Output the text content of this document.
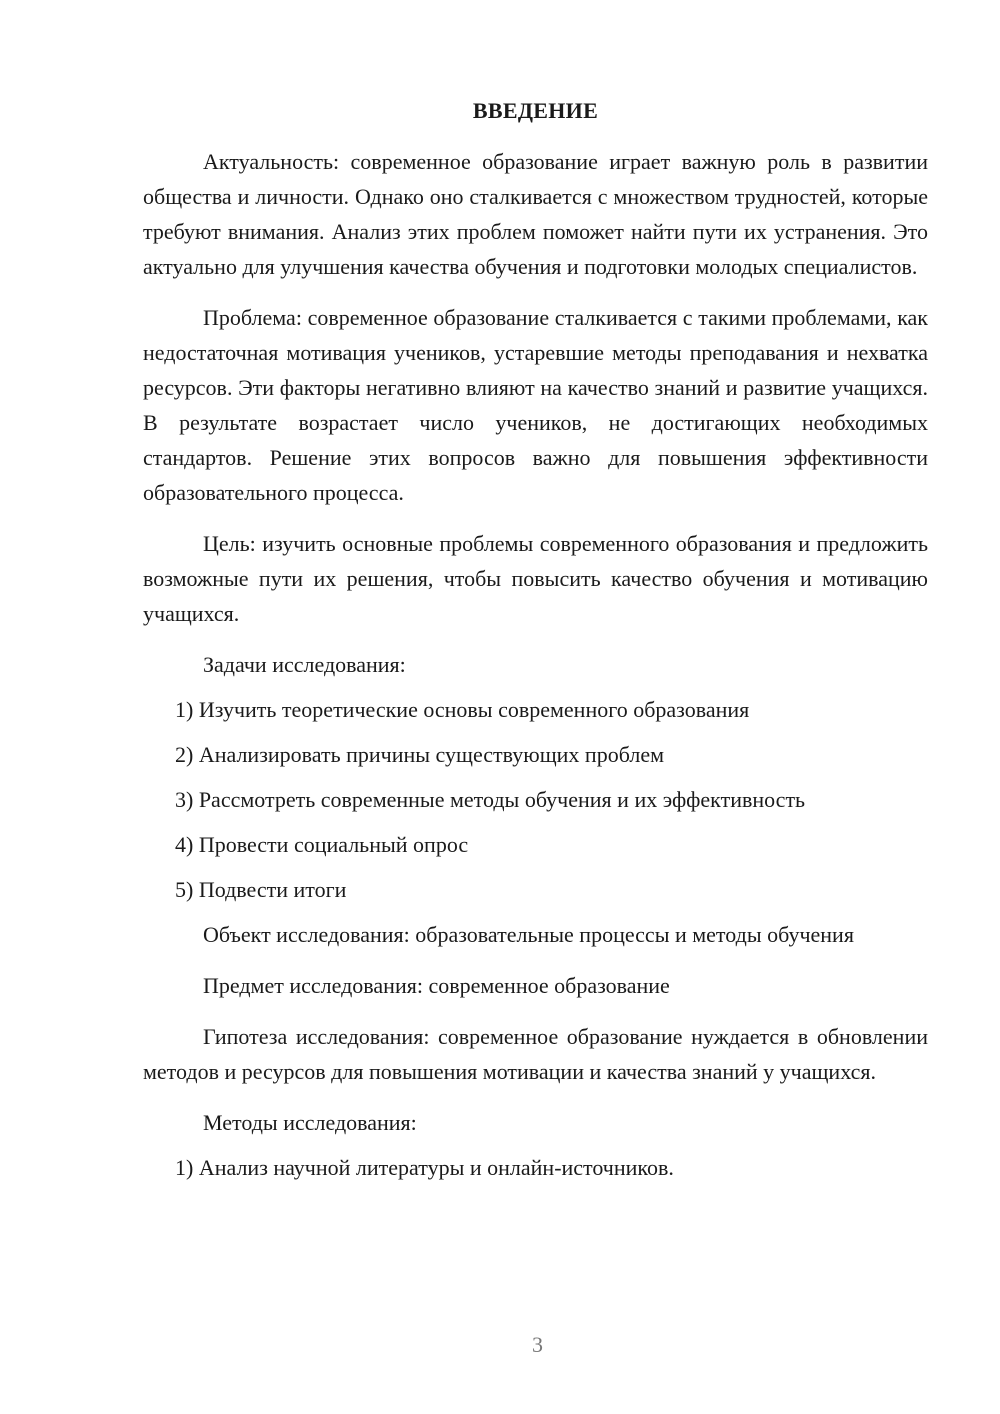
ВВЕДЕНИЕ

Актуальность: современное образование играет важную роль в развитии общества и личности. Однако оно сталкивается с множеством трудностей, которые требуют внимания. Анализ этих проблем поможет найти пути их устранения. Это актуально для улучшения качества обучения и подготовки молодых специалистов.

Проблема: современное образование сталкивается с такими проблемами, как недостаточная мотивация учеников, устаревшие методы преподавания и нехватка ресурсов. Эти факторы негативно влияют на качество знаний и развитие учащихся. В результате возрастает число учеников, не достигающих необходимых стандартов. Решение этих вопросов важно для повышения эффективности образовательного процесса.

Цель: изучить основные проблемы современного образования и предложить возможные пути их решения, чтобы повысить качество обучения и мотивацию учащихся.

Задачи исследования:

1) Изучить теоретические основы современного образования

2) Анализировать причины существующих проблем

3) Рассмотреть современные методы обучения и их эффективность

4) Провести социальный опрос

5) Подвести итоги

Объект исследования: образовательные процессы и методы обучения

Предмет исследования: современное образование

Гипотеза исследования: современное образование нуждается в обновлении методов и ресурсов для повышения мотивации и качества знаний у учащихся.

Методы исследования:

1) Анализ научной литературы и онлайн-источников.

3
